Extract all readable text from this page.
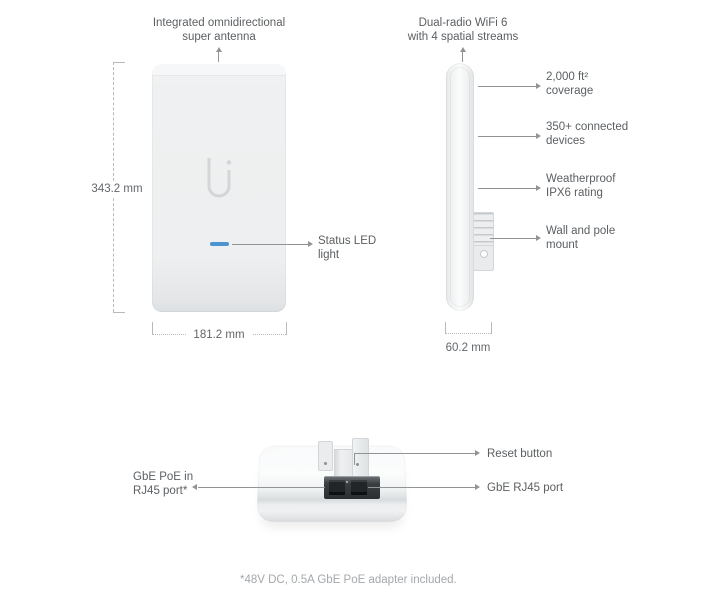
Integrated omnidirectional
super antenna
343.2 mm
Status LED
light
181.2 mm
Dual-radio WiFi 6
with 4 spatial streams
2,000 ft²
coverage
350+ connected
devices
Weatherproof
IPX6 rating
Wall and pole
mount
60.2 mm
Reset button
GbE RJ45 port
GbE PoE in
RJ45 port*
*48V DC, 0.5A GbE PoE adapter included.
